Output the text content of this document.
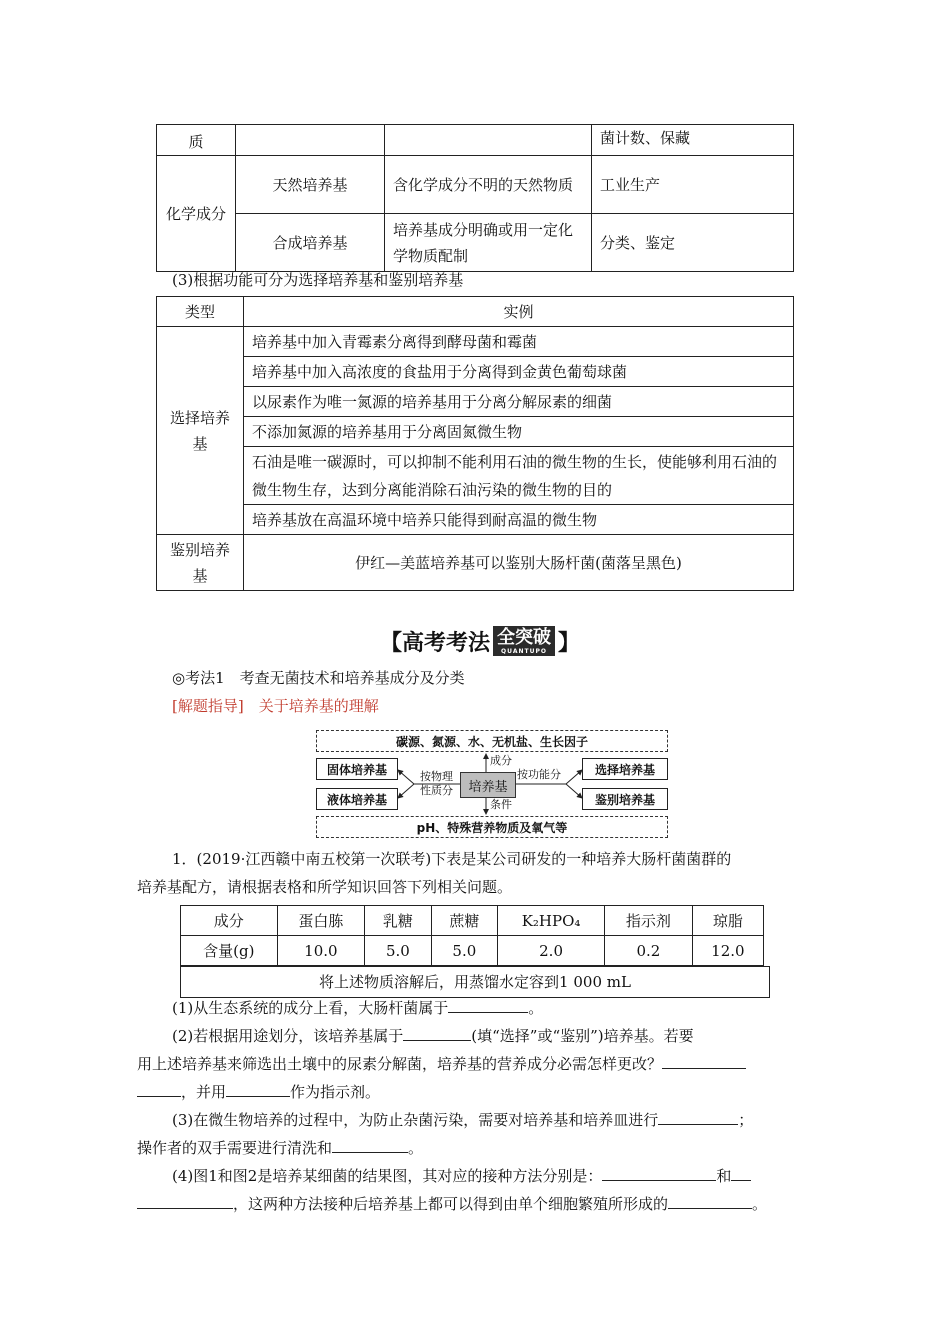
质			菌计数、保藏
化学成分	天然培养基	含化学成分不明的天然物质	工业生产
	合成培养基	培养基成分明确或用一定化学物质配制	分类、鉴定
(3)根据功能可分为选择培养基和鉴别培养基
类型	实例
选择培养基	培养基中加入青霉素分离得到酵母菌和霉菌
	培养基中加入高浓度的食盐用于分离得到金黄色葡萄球菌
	以尿素作为唯一氮源的培养基用于分离分解尿素的细菌
	不添加氮源的培养基用于分离固氮微生物
	石油是唯一碳源时，可以抑制不能利用石油的微生物的生长，使能够利用石油的微生物生存，达到分离能消除石油污染的微生物的目的
	培养基放在高温环境中培养只能得到耐高温的微生物
鉴别培养基	伊红—美蓝培养基可以鉴别大肠杆菌(菌落呈黑色)
【高考考法 全突破
QUANTUPO 】
◎考法1　考查无菌技术和培养基成分及分类
[解题指导]　 关于培养基的理解
碳源、氮源、水、无机盐、生长因子
pH、特殊营养物质及氧气等
培养基
固体培养基
液体培养基
选择培养基
鉴别培养基
按物理性质分
按功能分
成分
条件
1．(2019·江西赣中南五校第一次联考)下表是某公司研发的一种培养大肠杆菌菌群的
培养基配方，请根据表格和所学知识回答下列相关问题。
成分	蛋白胨	乳糖	蔗糖	K₂HPO₄	指示剂	琼脂
含量(g)	10.0	5.0	5.0	2.0	0.2	12.0
将上述物质溶解后，用蒸馏水定容到1 000 mL
(1)从生态系统的成分上看，大肠杆菌属于	。
(2)若根据用途划分，该培养基属于	(填“选择”或“鉴别”)培养基。若要
用上述培养基来筛选出土壤中的尿素分解菌，培养基的营养成分必需怎样更改？
，并用	作为指示剂。
(3)在微生物培养的过程中，为防止杂菌污染，需要对培养基和培养皿进行	；
操作者的双手需要进行清洗和	。
(4)图1和图2是培养某细菌的结果图，其对应的接种方法分别是：	和
，这两种方法接种后培养基上都可以得到由单个细胞繁殖所形成的	。
